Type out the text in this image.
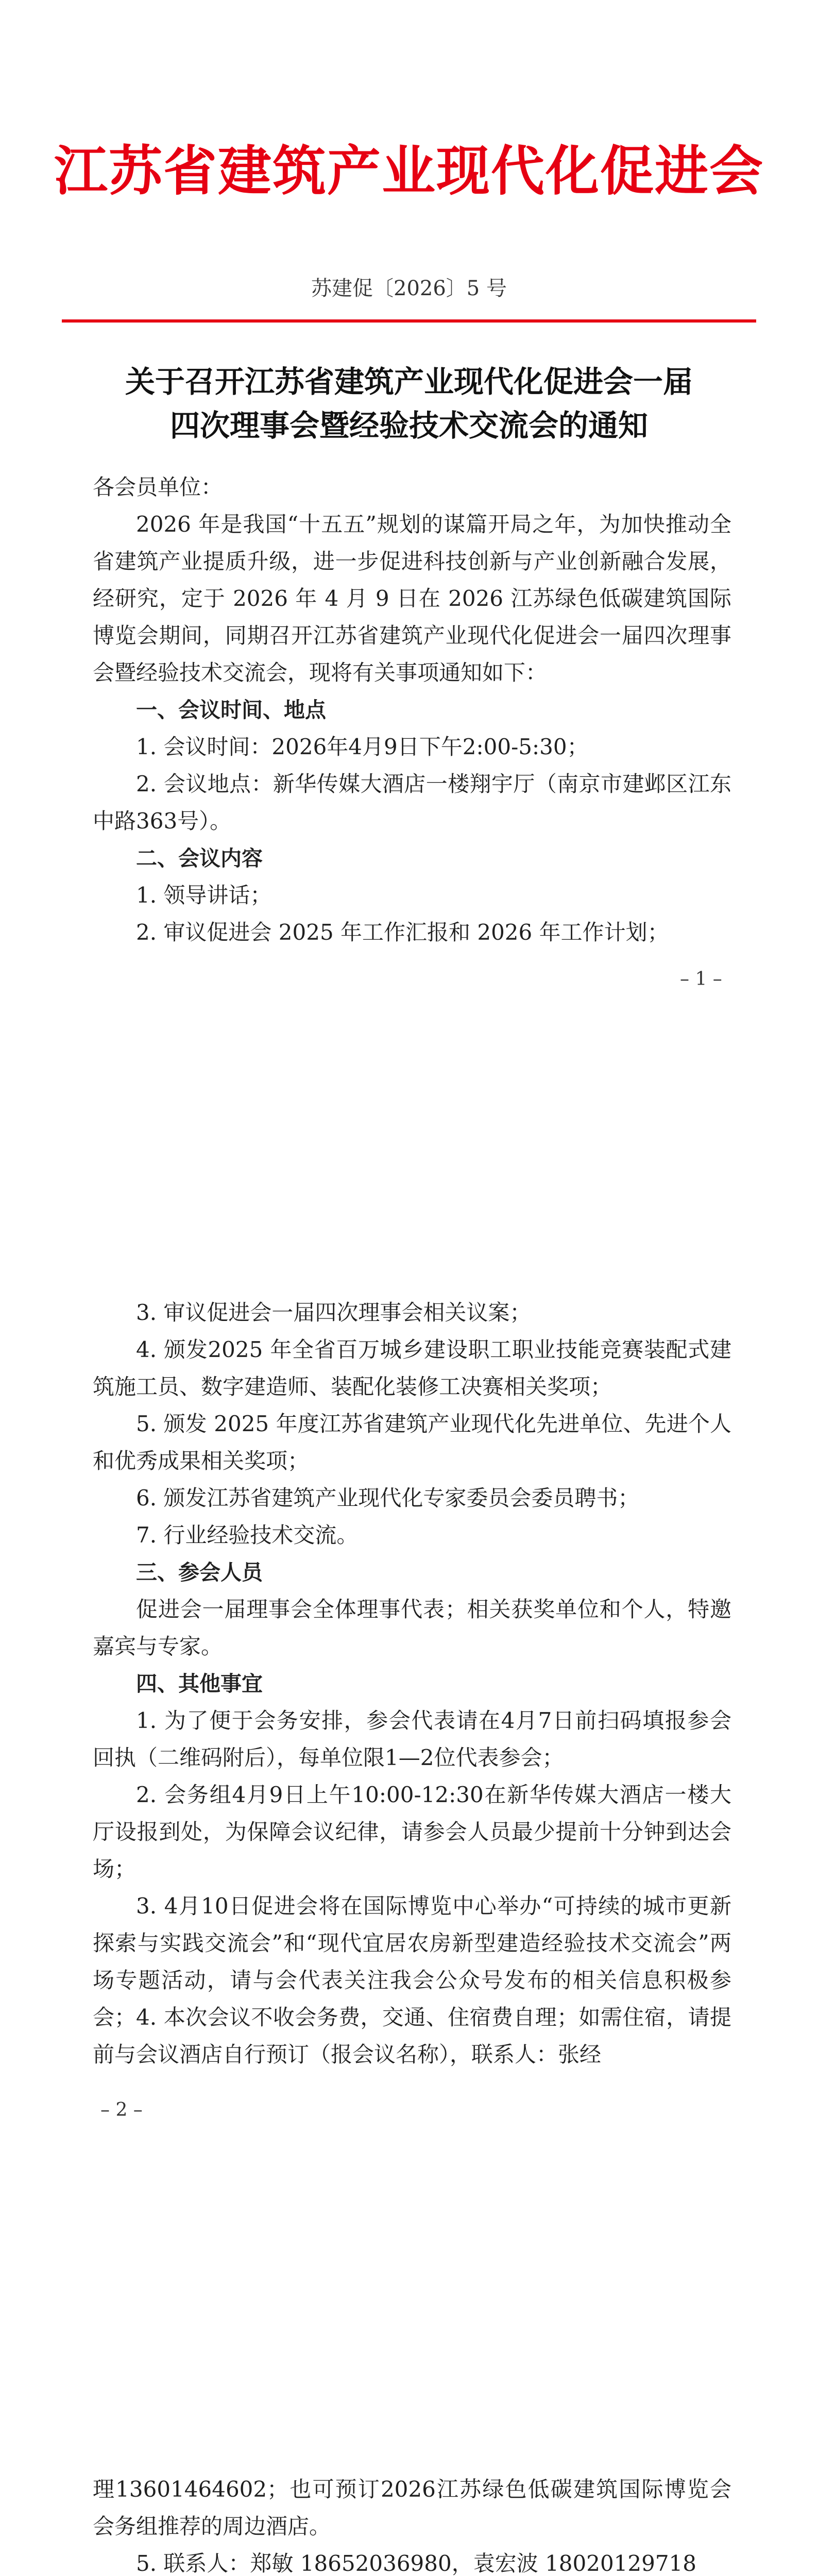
江苏省建筑产业现代化促进会
苏建促〔2026〕5 号
关于召开江苏省建筑产业现代化促进会一届
四次理事会暨经验技术交流会的通知
各会员单位：
2026 年是我国“十五五”规划的谋篇开局之年，为加快推动全省建筑产业提质升级，进一步促进科技创新与产业创新融合发展，经研究，定于 2026 年 4 月 9 日在 2026 江苏绿色低碳建筑国际博览会期间，同期召开江苏省建筑产业现代化促进会一届四次理事会暨经验技术交流会，现将有关事项通知如下：
一、会议时间、地点
1. 会议时间：2026年4月9日下午2:00-5:30；
2. 会议地点：新华传媒大酒店一楼翔宇厅（南京市建邺区江东中路363号）。
二、会议内容
1. 领导讲话；
2. 审议促进会 2025 年工作汇报和 2026 年工作计划；
– 1 –
3. 审议促进会一届四次理事会相关议案；
4. 颁发2025 年全省百万城乡建设职工职业技能竞赛装配式建筑施工员、数字建造师、装配化装修工决赛相关奖项；
5. 颁发 2025 年度江苏省建筑产业现代化先进单位、先进个人和优秀成果相关奖项；
6. 颁发江苏省建筑产业现代化专家委员会委员聘书；
7. 行业经验技术交流。
三、参会人员
促进会一届理事会全体理事代表；相关获奖单位和个人，特邀嘉宾与专家。
四、其他事宜
1. 为了便于会务安排，参会代表请在4月7日前扫码填报参会回执（二维码附后），每单位限1—2位代表参会；
2. 会务组4月9日上午10:00-12:30在新华传媒大酒店一楼大厅设报到处，为保障会议纪律，请参会人员最少提前十分钟到达会场；
3. 4月10日促进会将在国际博览中心举办“可持续的城市更新探索与实践交流会”和“现代宜居农房新型建造经验技术交流会”两场专题活动，请与会代表关注我会公众号发布的相关信息积极参会； 4. 本次会议不收会务费，交通、住宿费自理；如需住宿，请提前与会议酒店自行预订（报会议名称），联系人：张经
– 2 –
理13601464602；也可预订2026江苏绿色低碳建筑国际博览会会务组推荐的周边酒店。
5. 联系人：郑敏 18652036980，袁宏波 18020129718
